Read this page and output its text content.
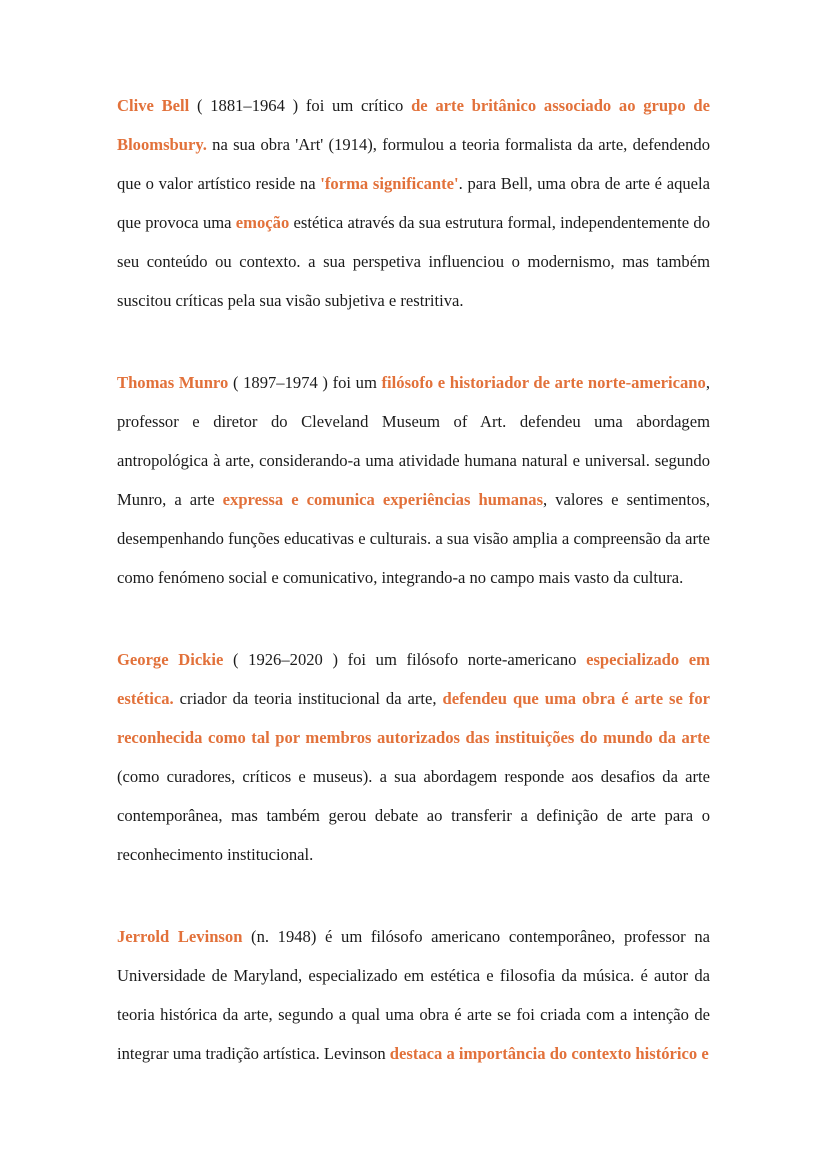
Clive Bell ( 1881–1964 ) foi um crítico de arte britânico associado ao grupo de Bloomsbury. na sua obra 'Art' (1914), formulou a teoria formalista da arte, defendendo que o valor artístico reside na 'forma significante'. para Bell, uma obra de arte é aquela que provoca uma emoção estética através da sua estrutura formal, independentemente do seu conteúdo ou contexto. a sua perspetiva influenciou o modernismo, mas também suscitou críticas pela sua visão subjetiva e restritiva.

Thomas Munro ( 1897–1974 ) foi um filósofo e historiador de arte norte-americano, professor e diretor do Cleveland Museum of Art. defendeu uma abordagem antropológica à arte, considerando-a uma atividade humana natural e universal. segundo Munro, a arte expressa e comunica experiências humanas, valores e sentimentos, desempenhando funções educativas e culturais. a sua visão amplia a compreensão da arte como fenómeno social e comunicativo, integrando-a no campo mais vasto da cultura.

George Dickie ( 1926–2020 ) foi um filósofo norte-americano especializado em estética. criador da teoria institucional da arte, defendeu que uma obra é arte se for reconhecida como tal por membros autorizados das instituições do mundo da arte (como curadores, críticos e museus). a sua abordagem responde aos desafios da arte contemporânea, mas também gerou debate ao transferir a definição de arte para o reconhecimento institucional.

Jerrold Levinson (n. 1948) é um filósofo americano contemporâneo, professor na Universidade de Maryland, especializado em estética e filosofia da música. é autor da teoria histórica da arte, segundo a qual uma obra é arte se foi criada com a intenção de integrar uma tradição artística. Levinson destaca a importância do contexto histórico e
